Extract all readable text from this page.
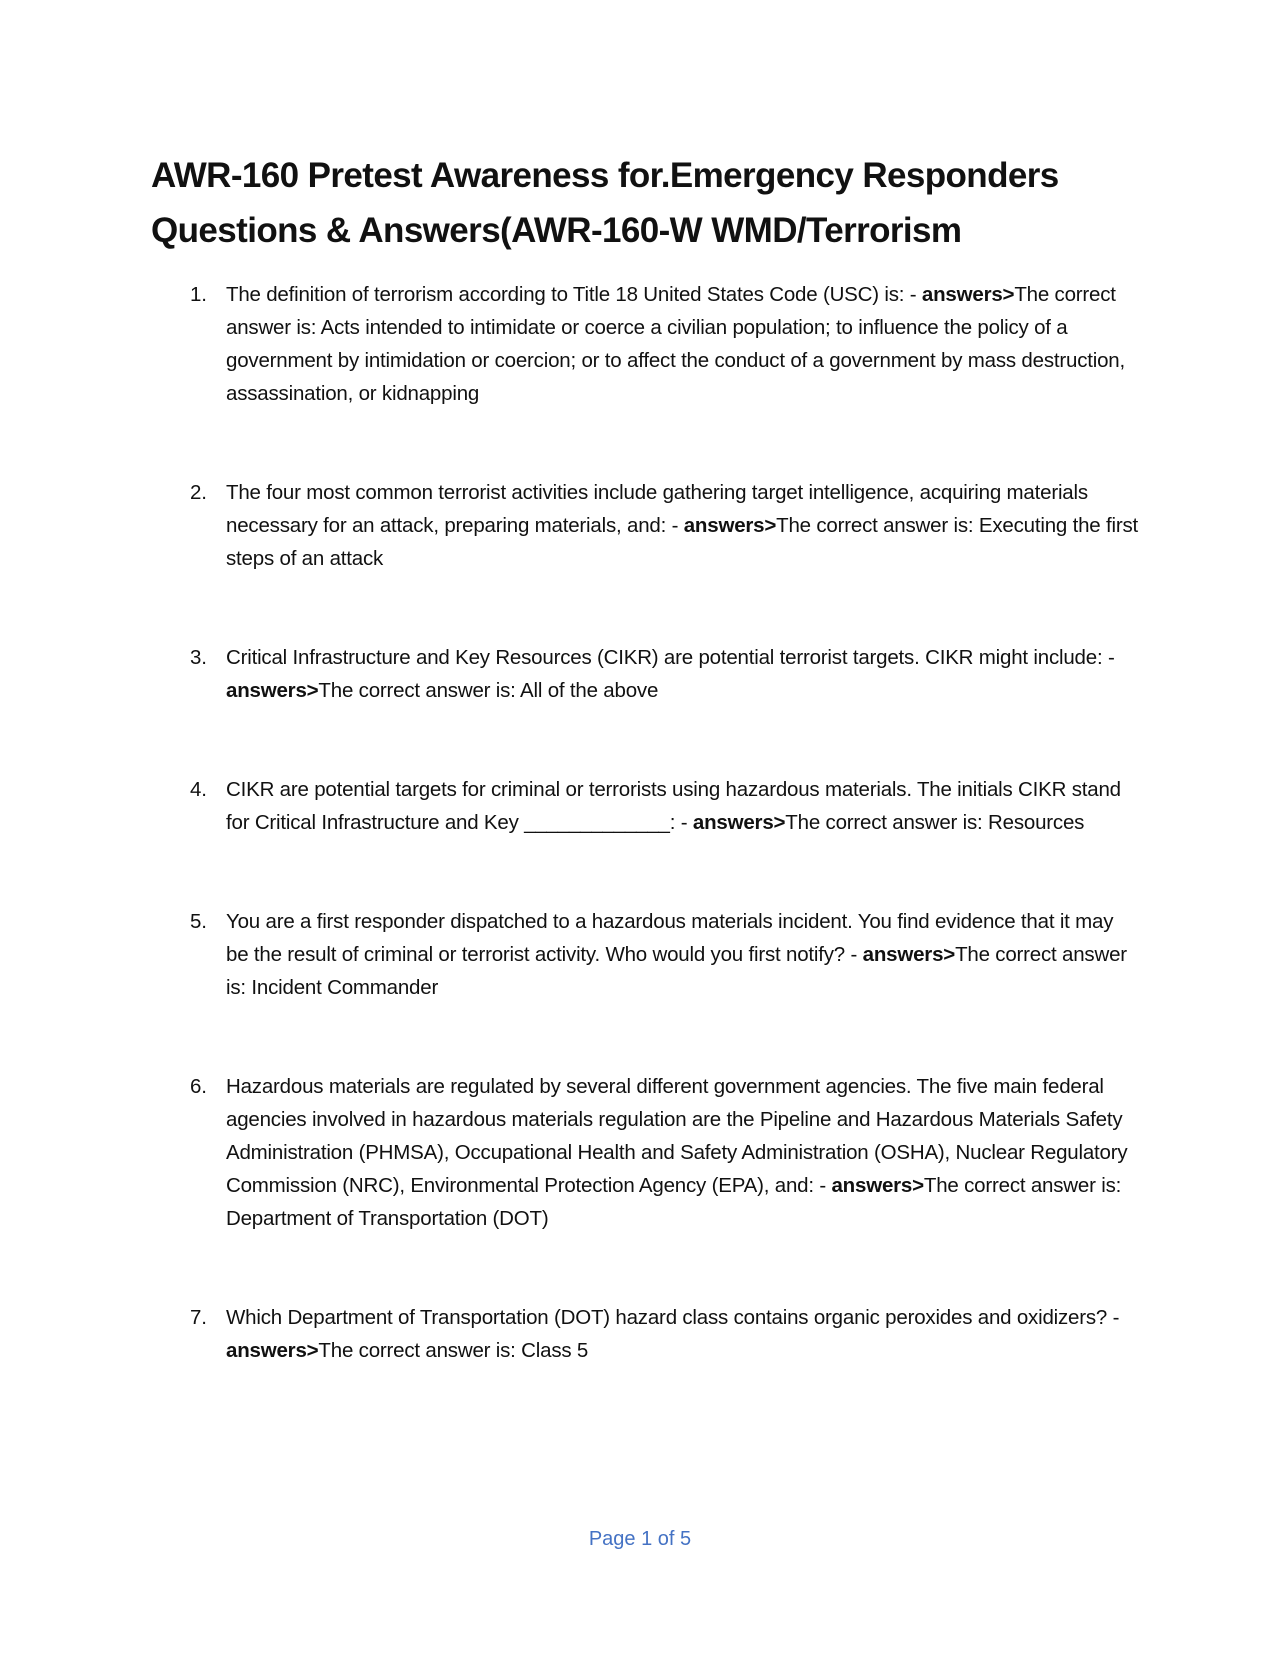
AWR-160 Pretest Awareness for.Emergency Responders Questions & Answers(AWR-160-W WMD/Terrorism
1. The definition of terrorism according to Title 18 United States Code (USC) is: - answers>The correct answer is: Acts intended to intimidate or coerce a civilian population; to influence the policy of a government by intimidation or coercion; or to affect the conduct of a government by mass destruction, assassination, or kidnapping
2. The four most common terrorist activities include gathering target intelligence, acquiring materials necessary for an attack, preparing materials, and: - answers>The correct answer is: Executing the first steps of an attack
3. Critical Infrastructure and Key Resources (CIKR) are potential terrorist targets. CIKR might include: - answers>The correct answer is: All of the above
4. CIKR are potential targets for criminal or terrorists using hazardous materials. The initials CIKR stand for Critical Infrastructure and Key _____________: - answers>The correct answer is: Resources
5. You are a first responder dispatched to a hazardous materials incident. You find evidence that it may be the result of criminal or terrorist activity. Who would you first notify? - answers>The correct answer is: Incident Commander
6. Hazardous materials are regulated by several different government agencies. The five main federal agencies involved in hazardous materials regulation are the Pipeline and Hazardous Materials Safety Administration (PHMSA), Occupational Health and Safety Administration (OSHA), Nuclear Regulatory Commission (NRC), Environmental Protection Agency (EPA), and: - answers>The correct answer is: Department of Transportation (DOT)
7. Which Department of Transportation (DOT) hazard class contains organic peroxides and oxidizers? - answers>The correct answer is: Class 5
Page 1 of 5
